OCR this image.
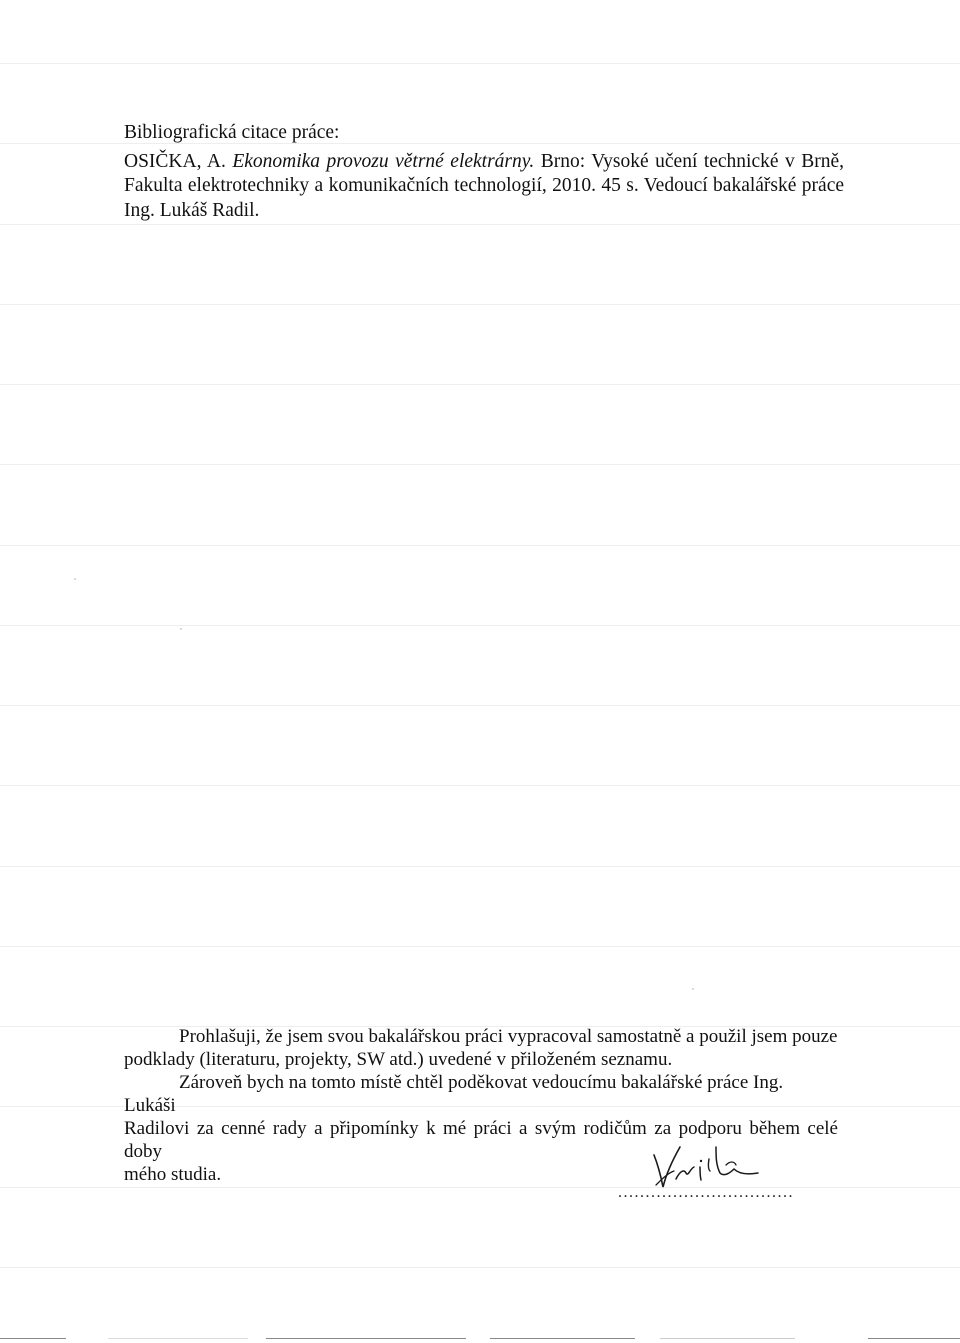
Bibliografická citace práce:

OSIČKA, A. Ekonomika provozu větrné elektrárny. Brno: Vysoké učení technické v Brně,

Fakulta elektrotechniky a komunikačních technologií, 2010. 45 s. Vedoucí bakalářské práce

Ing. Lukáš Radil.

Prohlašuji, že jsem svou bakalářskou práci vypracoval samostatně a použil jsem pouze

podklady (literaturu, projekty, SW atd.) uvedené v přiloženém seznamu.

Zároveň bych na tomto místě chtěl poděkovat vedoucímu bakalářské práce Ing. Lukáši

Radilovi za cenné rady a připomínky k mé práci a svým rodičům za podporu během celé doby

mého studia.

................................
